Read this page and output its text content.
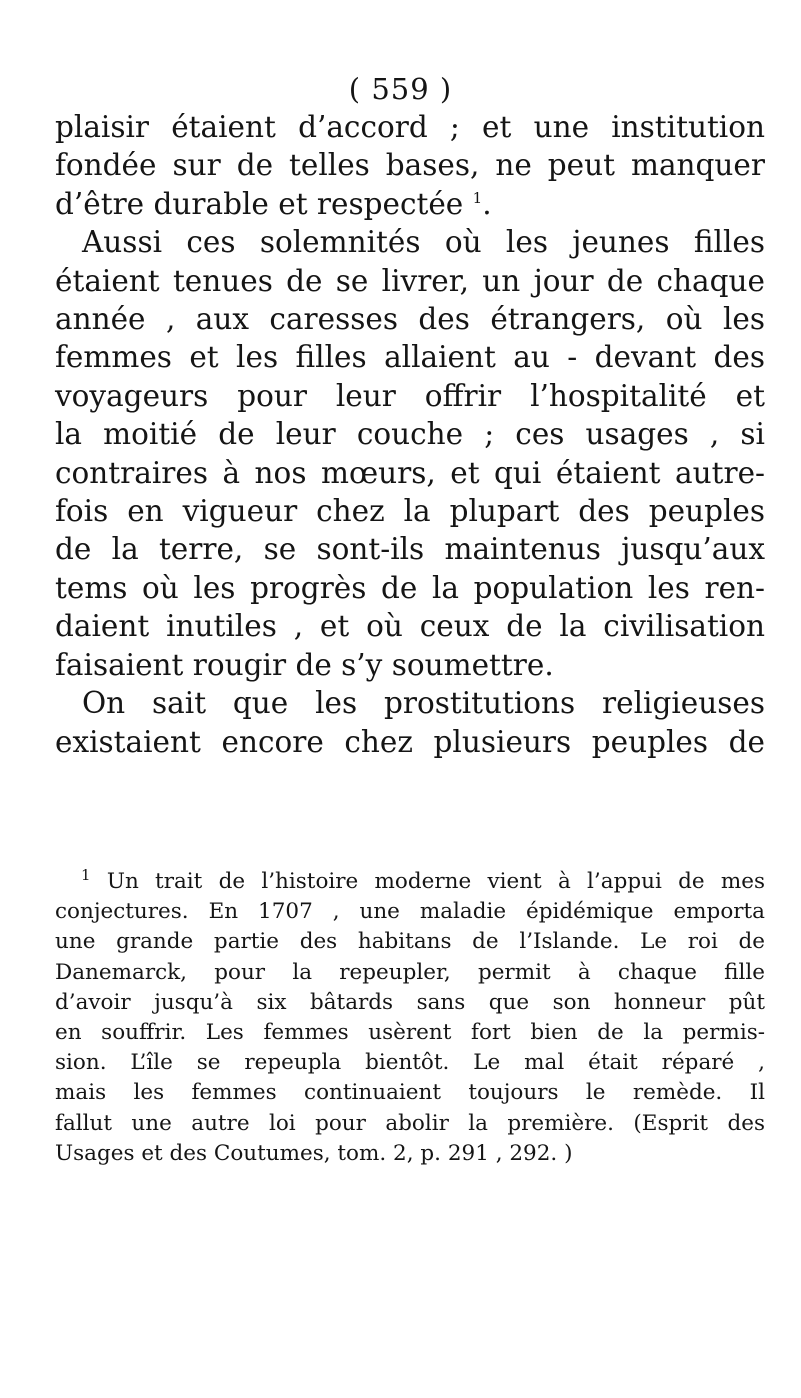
( 559 )
plaisir étaient d’accord ; et une institution
fondée sur de telles bases, ne peut manquer
d’être durable et respectée $^1$.
Aussi ces solemnités où les jeunes filles
étaient tenues de se livrer, un jour de chaque
année , aux caresses des étrangers, où les
femmes et les filles allaient au - devant des
voyageurs pour leur offrir l’hospitalité et
la moitié de leur couche ; ces usages , si
contraires à nos mœurs, et qui étaient autre-
fois en vigueur chez la plupart des peuples
de la terre, se sont-ils maintenus jusqu’aux
tems où les progrès de la population les ren-
daient inutiles , et où ceux de la civilisation
faisaient rougir de s’y soumettre.
On sait que les prostitutions religieuses
existaient encore chez plusieurs peuples de
$^1$ Un trait de l’histoire moderne vient à l’appui de mes
conjectures. En 1707 , une maladie épidémique emporta
une grande partie des habitans de l’Islande. Le roi de
Danemarck, pour la repeupler, permit à chaque fille
d’avoir jusqu’à six bâtards sans que son honneur pût
en souffrir. Les femmes usèrent fort bien de la permis-
sion. L’île se repeupla bientôt. Le mal était réparé ,
mais les femmes continuaient toujours le remède. Il
fallut une autre loi pour abolir la première. (Esprit des
Usages et des Coutumes, tom. 2, p. 291 , 292. )
